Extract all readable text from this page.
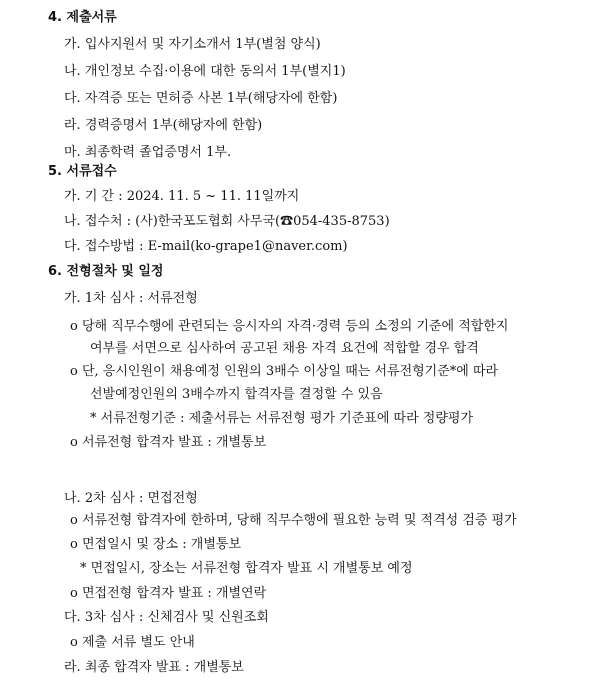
4. 제출서류
가. 입사지원서 및 자기소개서 1부(별첨 양식)
나. 개인정보 수집·이용에 대한 동의서 1부(별지1)
다. 자격증 또는 면허증 사본 1부(해당자에 한함)
라. 경력증명서 1부(해당자에 한함)
마. 최종학력 졸업증명서 1부.
5. 서류접수
가. 기 간 : 2024. 11. 5 ~ 11. 11일까지
나. 접수처 : (사)한국포도협회 사무국(☎054-435-8753)
다. 접수방법 : E-mail(ko-grape1@naver.com)
6. 전형절차 및 일정
가. 1차 심사 : 서류전형
o 당해 직무수행에 관련되는 응시자의 자격·경력 등의 소정의 기준에 적합한지
여부를 서면으로 심사하여 공고된 채용 자격 요건에 적합할 경우 합격
o 단, 응시인원이 채용예정 인원의 3배수 이상일 때는 서류전형기준*에 따라
선발예정인원의 3배수까지 합격자를 결정할 수 있음
* 서류전형기준 : 제출서류는 서류전형 평가 기준표에 따라 정량평가
o 서류전형 합격자 발표 : 개별통보
나. 2차 심사 : 면접전형
o 서류전형 합격자에 한하며, 당해 직무수행에 필요한 능력 및 적격성 검증 평가
o 면접일시 및 장소 : 개별통보
* 면접일시, 장소는 서류전형 합격자 발표 시 개별통보 예정
o 면접전형 합격자 발표 : 개별연락
다. 3차 심사 : 신체검사 및 신원조회
o 제출 서류 별도 안내
라. 최종 합격자 발표 : 개별통보
